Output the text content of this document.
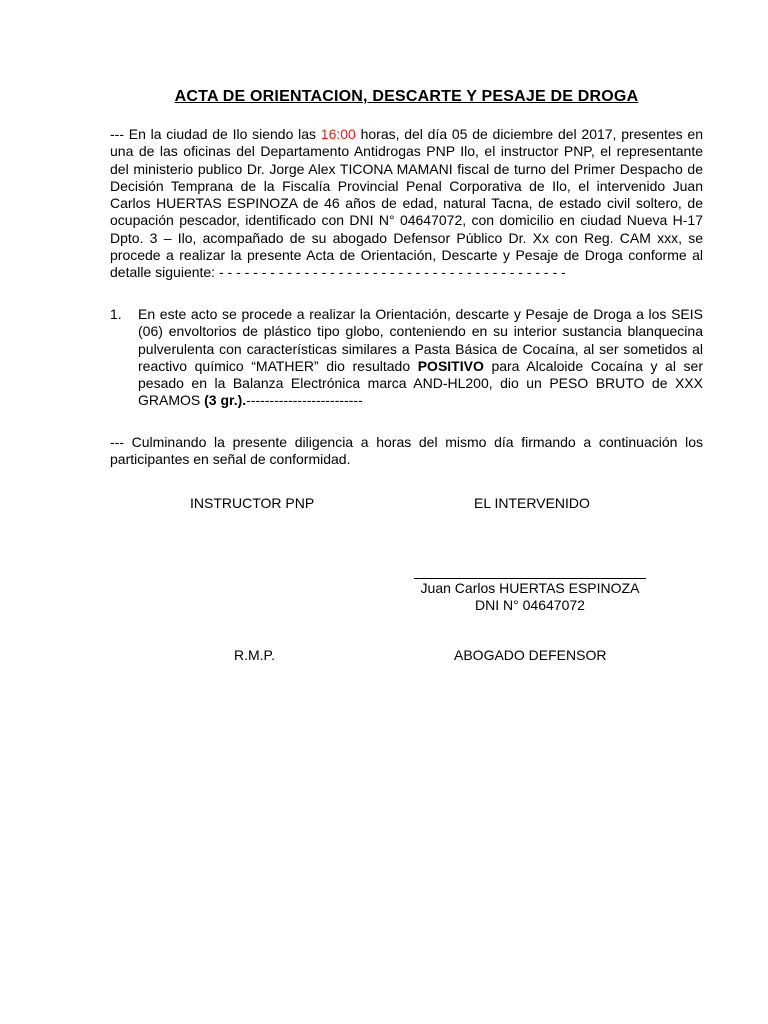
ACTA DE ORIENTACION, DESCARTE Y PESAJE DE DROGA
--- En la ciudad de Ilo siendo las 16:00 horas, del día 05 de diciembre del 2017, presentes en una de las oficinas del Departamento Antidrogas PNP Ilo, el instructor PNP, el representante del ministerio publico Dr. Jorge Alex TICONA MAMANI fiscal de turno del Primer Despacho de Decisión Temprana de la Fiscalía Provincial Penal Corporativa de Ilo, el intervenido Juan Carlos HUERTAS ESPINOZA de 46 años de edad, natural Tacna, de estado civil soltero, de ocupación pescador, identificado con DNI N° 04647072, con domicilio en ciudad Nueva H-17 Dpto. 3 – Ilo, acompañado de su abogado Defensor Público Dr. Xx con Reg. CAM xxx, se procede a realizar la presente Acta de Orientación, Descarte y Pesaje de Droga conforme al detalle siguiente: - - - - - - - - - - - - - - - - - - - - - - - - - - - - - - - - - - - - - - - - -
1. En este acto se procede a realizar la Orientación, descarte y Pesaje de Droga a los SEIS (06) envoltorios de plástico tipo globo, conteniendo en su interior sustancia blanquecina pulverulenta con características similares a Pasta Básica de Cocaína, al ser sometidos al reactivo químico “MATHER” dio resultado POSITIVO para Alcaloide Cocaína y al ser pesado en la Balanza Electrónica marca AND-HL200, dio un PESO BRUTO de XXX GRAMOS (3 gr.).-------------------------
--- Culminando la presente diligencia a horas del mismo día firmando a continuación los participantes en señal de conformidad.
INSTRUCTOR PNP	EL INTERVENIDO
Juan Carlos HUERTAS ESPINOZA
DNI N° 04647072
R.M.P.	ABOGADO DEFENSOR
